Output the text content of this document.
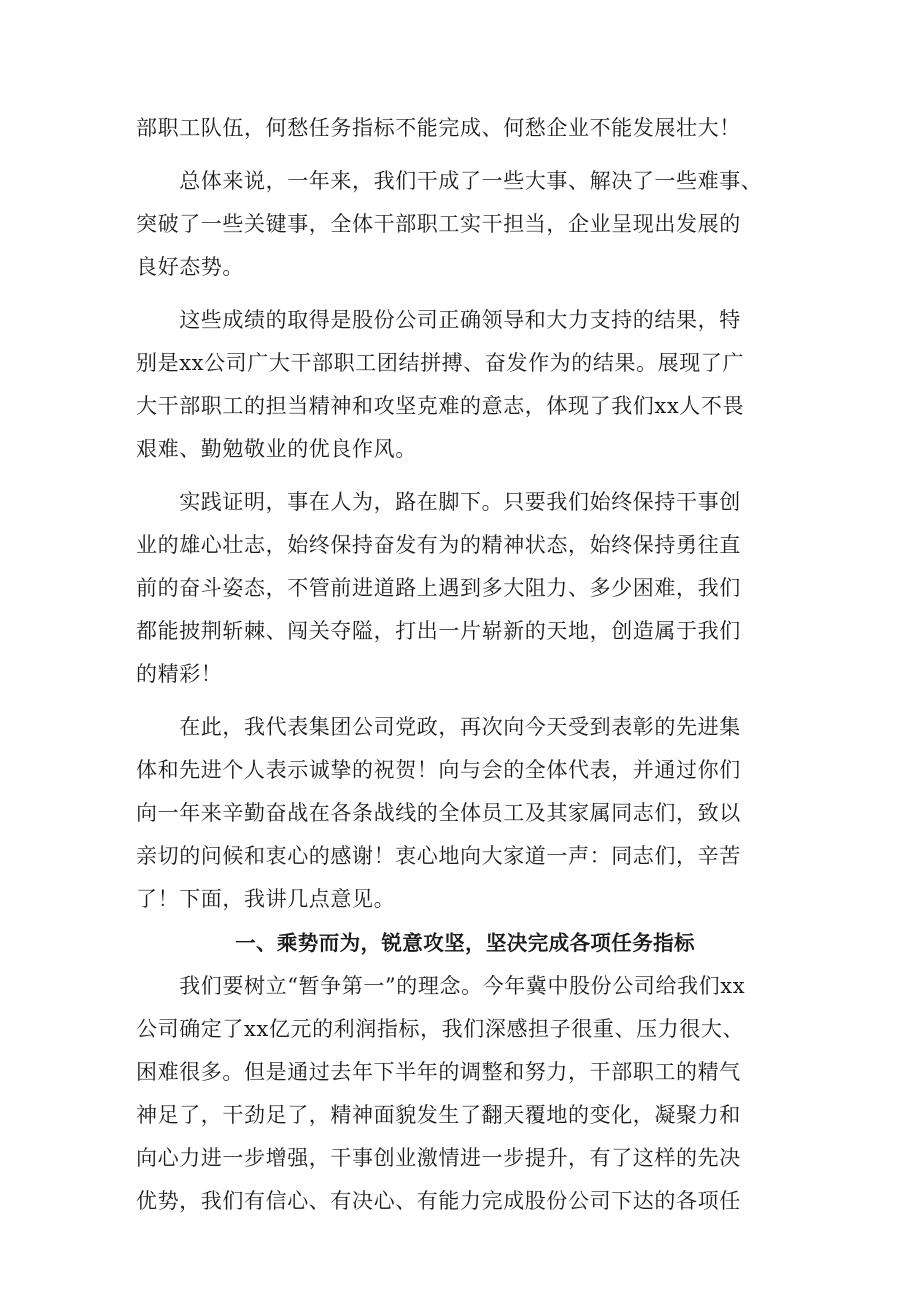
部职工队伍，何愁任务指标不能完成、何愁企业不能发展壮大！
　　总体来说，一年来，我们干成了一些大事、解决了一些难事、
突破了一些关键事，全体干部职工实干担当，企业呈现出发展的
良好态势。
　　这些成绩的取得是股份公司正确领导和大力支持的结果，特
别是xx公司广大干部职工团结拼搏、奋发作为的结果。展现了广
大干部职工的担当精神和攻坚克难的意志，体现了我们xx人不畏
艰难、勤勉敬业的优良作风。
　　实践证明，事在人为，路在脚下。只要我们始终保持干事创
业的雄心壮志，始终保持奋发有为的精神状态，始终保持勇往直
前的奋斗姿态，不管前进道路上遇到多大阻力、多少困难，我们
都能披荆斩棘、闯关夺隘，打出一片崭新的天地，创造属于我们
的精彩！
　　在此，我代表集团公司党政，再次向今天受到表彰的先进集
体和先进个人表示诚挚的祝贺！向与会的全体代表，并通过你们
向一年来辛勤奋战在各条战线的全体员工及其家属同志们，致以
亲切的问候和衷心的感谢！衷心地向大家道一声：同志们，辛苦
了！下面，我讲几点意见。
一、乘势而为，锐意攻坚，坚决完成各项任务指标
　　我们要树立“暂争第一”的理念。今年冀中股份公司给我们xx
公司确定了xx亿元的利润指标，我们深感担子很重、压力很大、
困难很多。但是通过去年下半年的调整和努力，干部职工的精气
神足了，干劲足了，精神面貌发生了翻天覆地的变化，凝聚力和
向心力进一步增强，干事创业激情进一步提升，有了这样的先决
优势，我们有信心、有决心、有能力完成股份公司下达的各项任
